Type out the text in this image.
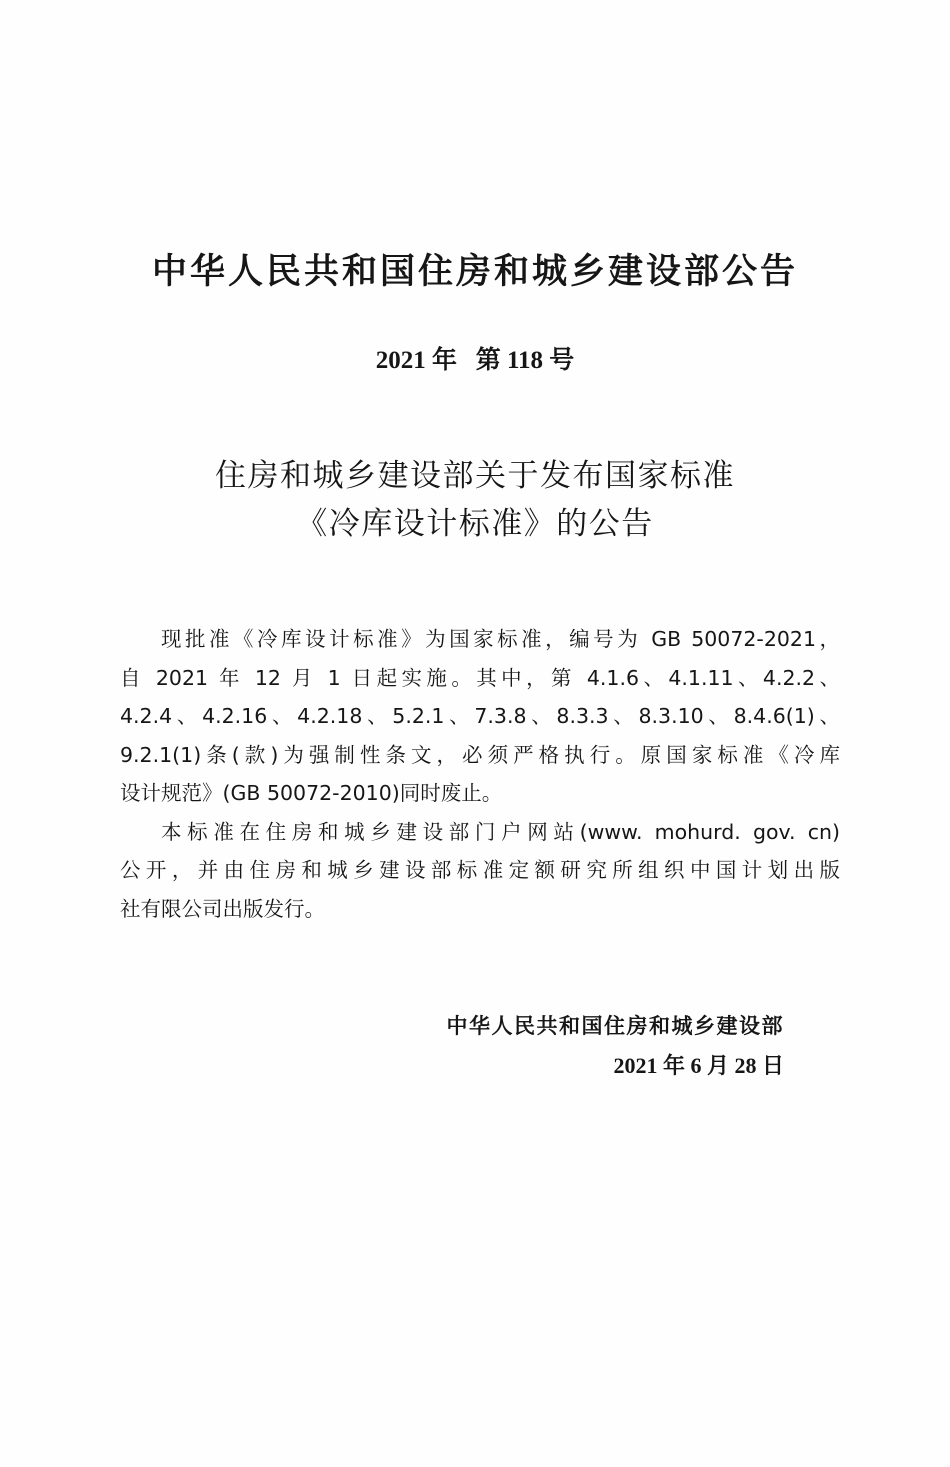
中华人民共和国住房和城乡建设部公告
2021 年   第 118 号
住房和城乡建设部关于发布国家标准
《冷库设计标准》的公告
现批准《冷库设计标准》为国家标准，编号为 GB 50072-2021，
自 2021 年 12 月 1 日起实施。其中，第 4.1.6、4.1.11、4.2.2、
4.2.4、4.2.16、4.2.18、5.2.1、7.3.8、8.3.3、8.3.10、8.4.6(1)、
9.2.1(1)条(款)为强制性条文，必须严格执行。原国家标准《冷库
设计规范》(GB 50072-2010)同时废止。
本标准在住房和城乡建设部门户网站(www. mohurd. gov. cn)
公开，并由住房和城乡建设部标准定额研究所组织中国计划出版
社有限公司出版发行。
中华人民共和国住房和城乡建设部
2021 年 6 月 28 日
